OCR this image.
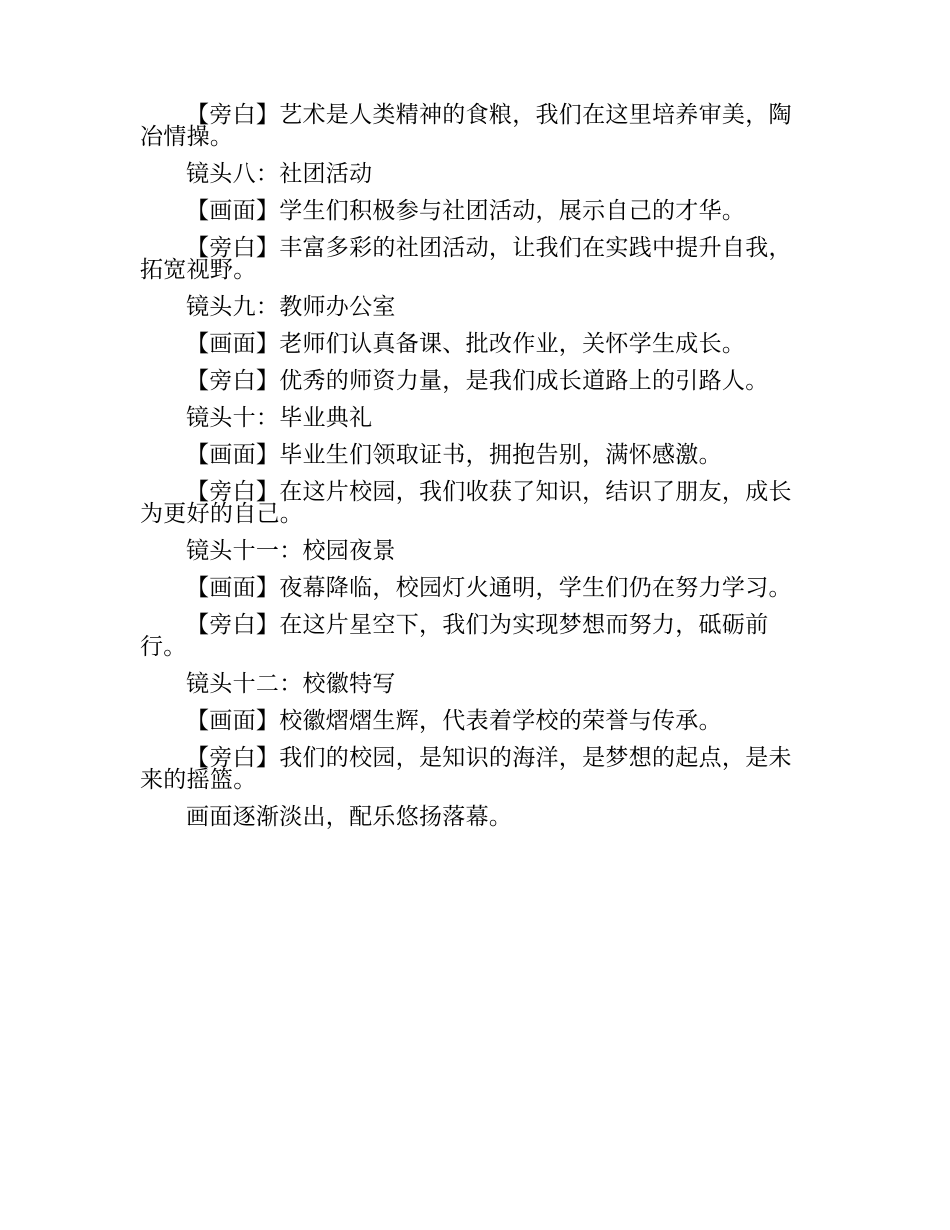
【旁白】艺术是人类精神的食粮，我们在这里培养审美，陶冶情操。

镜头八：社团活动

【画面】学生们积极参与社团活动，展示自己的才华。

【旁白】丰富多彩的社团活动，让我们在实践中提升自我，拓宽视野。

镜头九：教师办公室

【画面】老师们认真备课、批改作业，关怀学生成长。

【旁白】优秀的师资力量，是我们成长道路上的引路人。

镜头十：毕业典礼

【画面】毕业生们领取证书，拥抱告别，满怀感激。

【旁白】在这片校园，我们收获了知识，结识了朋友，成长为更好的自己。

镜头十一：校园夜景

【画面】夜幕降临，校园灯火通明，学生们仍在努力学习。

【旁白】在这片星空下，我们为实现梦想而努力，砥砺前行。

镜头十二：校徽特写

【画面】校徽熠熠生辉，代表着学校的荣誉与传承。

【旁白】我们的校园，是知识的海洋，是梦想的起点，是未来的摇篮。

画面逐渐淡出，配乐悠扬落幕。
